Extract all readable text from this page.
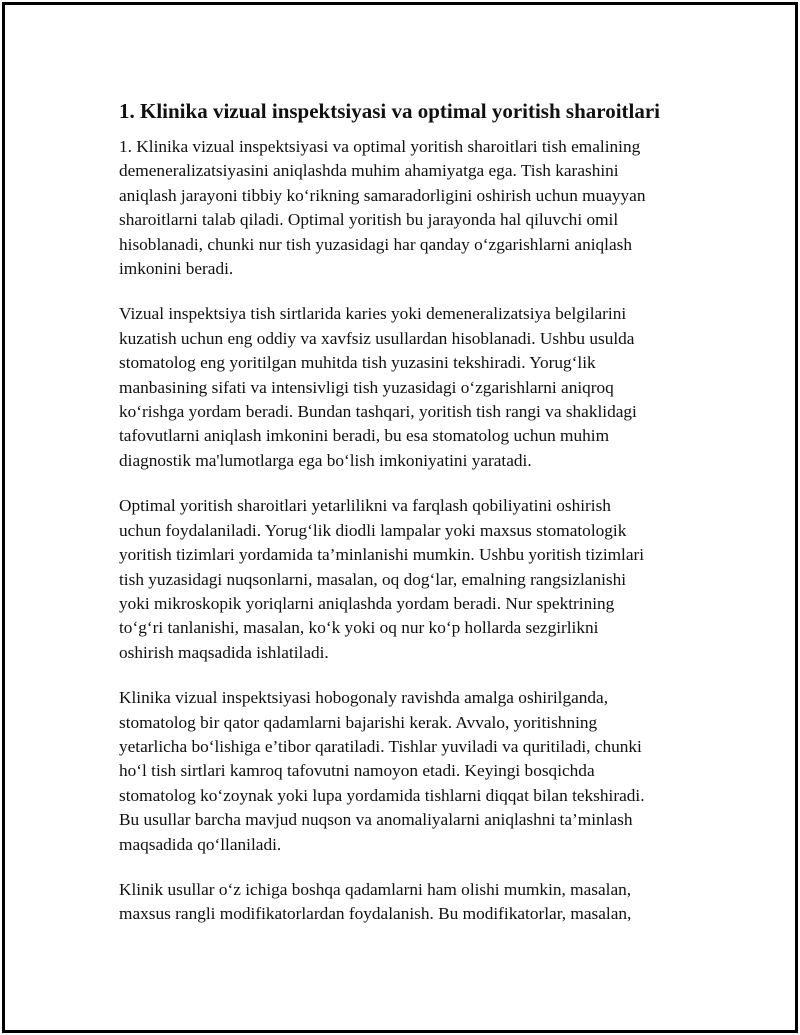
1. Klinika vizual inspektsiyasi va optimal yoritish sharoitlari

1. Klinika vizual inspektsiyasi va optimal yoritish sharoitlari tish emalining
demeneralizatsiyasini aniqlashda muhim ahamiyatga ega. Tish karashini
aniqlash jarayoni tibbiy ko‘rikning samaradorligini oshirish uchun muayyan
sharoitlarni talab qiladi. Optimal yoritish bu jarayonda hal qiluvchi omil
hisoblanadi, chunki nur tish yuzasidagi har qanday o‘zgarishlarni aniqlash
imkonini beradi.

Vizual inspektsiya tish sirtlarida karies yoki demeneralizatsiya belgilarini
kuzatish uchun eng oddiy va xavfsiz usullardan hisoblanadi. Ushbu usulda
stomatolog eng yoritilgan muhitda tish yuzasini tekshiradi. Yorug‘lik
manbasining sifati va intensivligi tish yuzasidagi o‘zgarishlarni aniqroq
ko‘rishga yordam beradi. Bundan tashqari, yoritish tish rangi va shaklidagi
tafovutlarni aniqlash imkonini beradi, bu esa stomatolog uchun muhim
diagnostik ma'lumotlarga ega bo‘lish imkoniyatini yaratadi.

Optimal yoritish sharoitlari yetarlilikni va farqlash qobiliyatini oshirish
uchun foydalaniladi. Yorug‘lik diodli lampalar yoki maxsus stomatologik
yoritish tizimlari yordamida ta’minlanishi mumkin. Ushbu yoritish tizimlari
tish yuzasidagi nuqsonlarni, masalan, oq dog‘lar, emalning rangsizlanishi
yoki mikroskopik yoriqlarni aniqlashda yordam beradi. Nur spektrining
to‘g‘ri tanlanishi, masalan, ko‘k yoki oq nur ko‘p hollarda sezgirlikni
oshirish maqsadida ishlatiladi.

Klinika vizual inspektsiyasi hobogonaly ravishda amalga oshirilganda,
stomatolog bir qator qadamlarni bajarishi kerak. Avvalo, yoritishning
yetarlicha bo‘lishiga e’tibor qaratiladi. Tishlar yuviladi va quritiladi, chunki
ho‘l tish sirtlari kamroq tafovutni namoyon etadi. Keyingi bosqichda
stomatolog ko‘zoynak yoki lupa yordamida tishlarni diqqat bilan tekshiradi.
Bu usullar barcha mavjud nuqson va anomaliyalarni aniqlashni ta’minlash
maqsadida qo‘llaniladi.

Klinik usullar o‘z ichiga boshqa qadamlarni ham olishi mumkin, masalan,
maxsus rangli modifikatorlardan foydalanish. Bu modifikatorlar, masalan,
